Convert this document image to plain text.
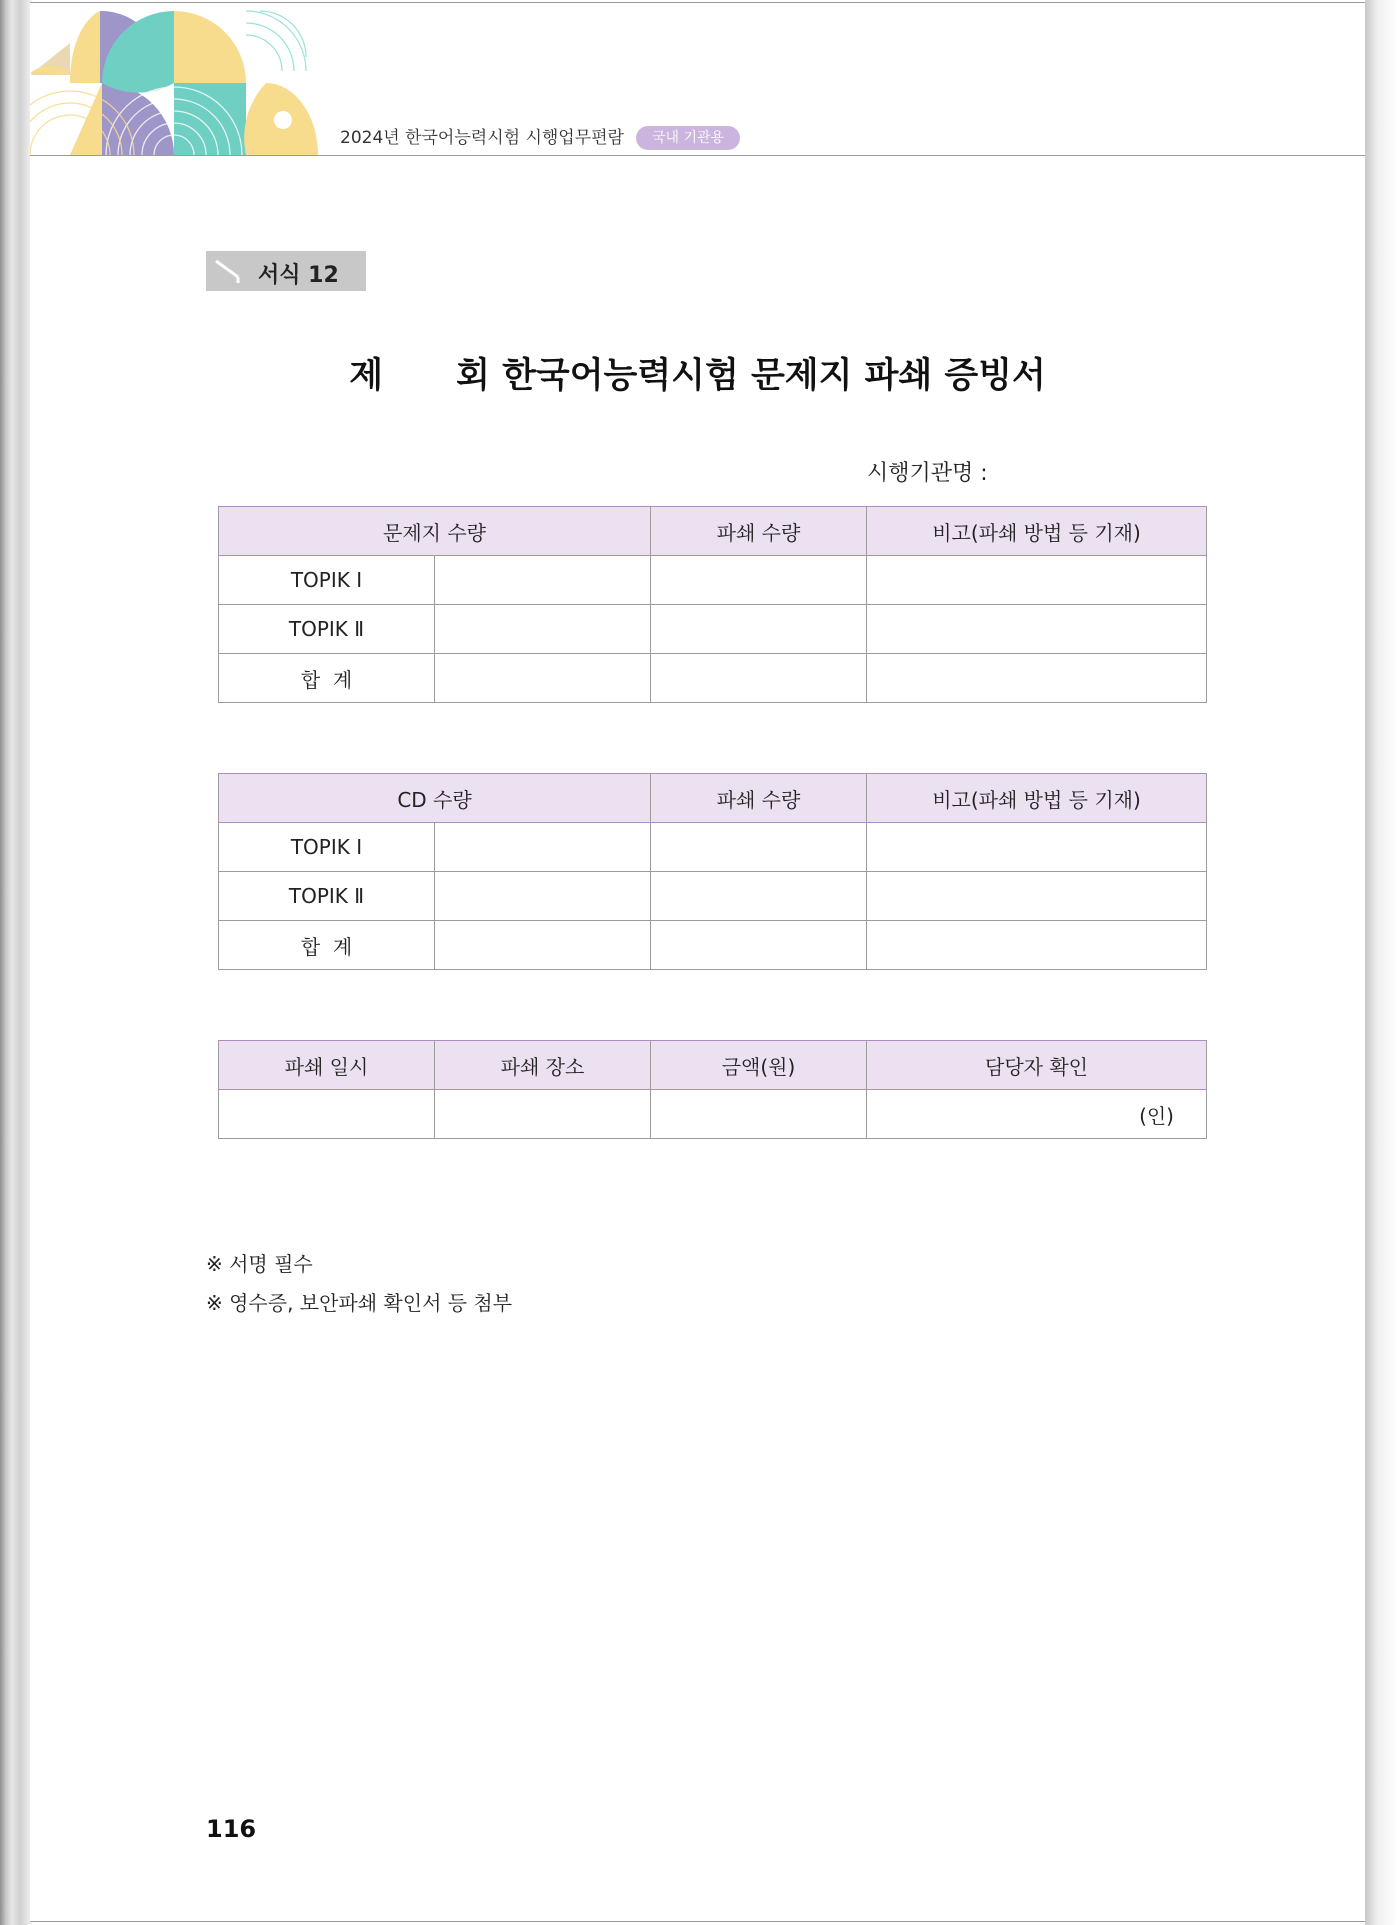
2024년 한국어능력시험 시행업무편람	국내 기관용
서식 12
제      회 한국어능력시험 문제지 파쇄 증빙서
시행기관명 :
문제지 수량		파쇄 수량	비고(파쇄 방법 등 기재)
TOPIK Ⅰ			
TOPIK Ⅱ			
합  계			
CD 수량		파쇄 수량	비고(파쇄 방법 등 기재)
TOPIK Ⅰ			
TOPIK Ⅱ			
합  계			
파쇄 일시	파쇄 장소	금액(원)	담당자 확인
			(인)
※ 서명 필수
※ 영수증, 보안파쇄 확인서 등 첨부
116
